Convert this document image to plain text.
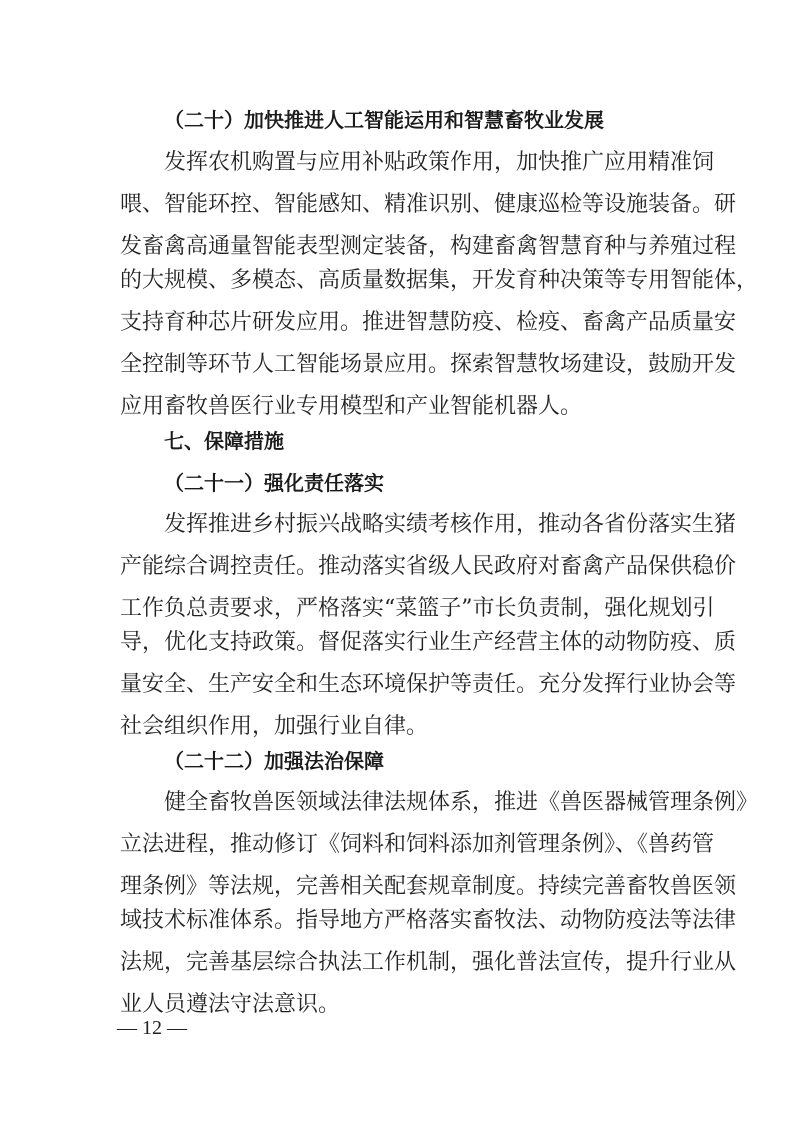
（二十）加快推进人工智能运用和智慧畜牧业发展
发挥农机购置与应用补贴政策作用，加快推广应用精准饲
喂、智能环控、智能感知、精准识别、健康巡检等设施装备。研
发畜禽高通量智能表型测定装备，构建畜禽智慧育种与养殖过程
的大规模、多模态、高质量数据集，开发育种决策等专用智能体，
支持育种芯片研发应用。推进智慧防疫、检疫、畜禽产品质量安
全控制等环节人工智能场景应用。探索智慧牧场建设，鼓励开发
应用畜牧兽医行业专用模型和产业智能机器人。
七、保障措施
（二十一）强化责任落实
发挥推进乡村振兴战略实绩考核作用，推动各省份落实生猪
产能综合调控责任。推动落实省级人民政府对畜禽产品保供稳价
工作负总责要求，严格落实“菜篮子”市长负责制，强化规划引
导，优化支持政策。督促落实行业生产经营主体的动物防疫、质
量安全、生产安全和生态环境保护等责任。充分发挥行业协会等
社会组织作用，加强行业自律。
（二十二）加强法治保障
健全畜牧兽医领域法律法规体系，推进《兽医器械管理条例》
立法进程，推动修订《饲料和饲料添加剂管理条例》、《兽药管
理条例》等法规，完善相关配套规章制度。持续完善畜牧兽医领
域技术标准体系。指导地方严格落实畜牧法、动物防疫法等法律
法规，完善基层综合执法工作机制，强化普法宣传，提升行业从
业人员遵法守法意识。
— 12 —
